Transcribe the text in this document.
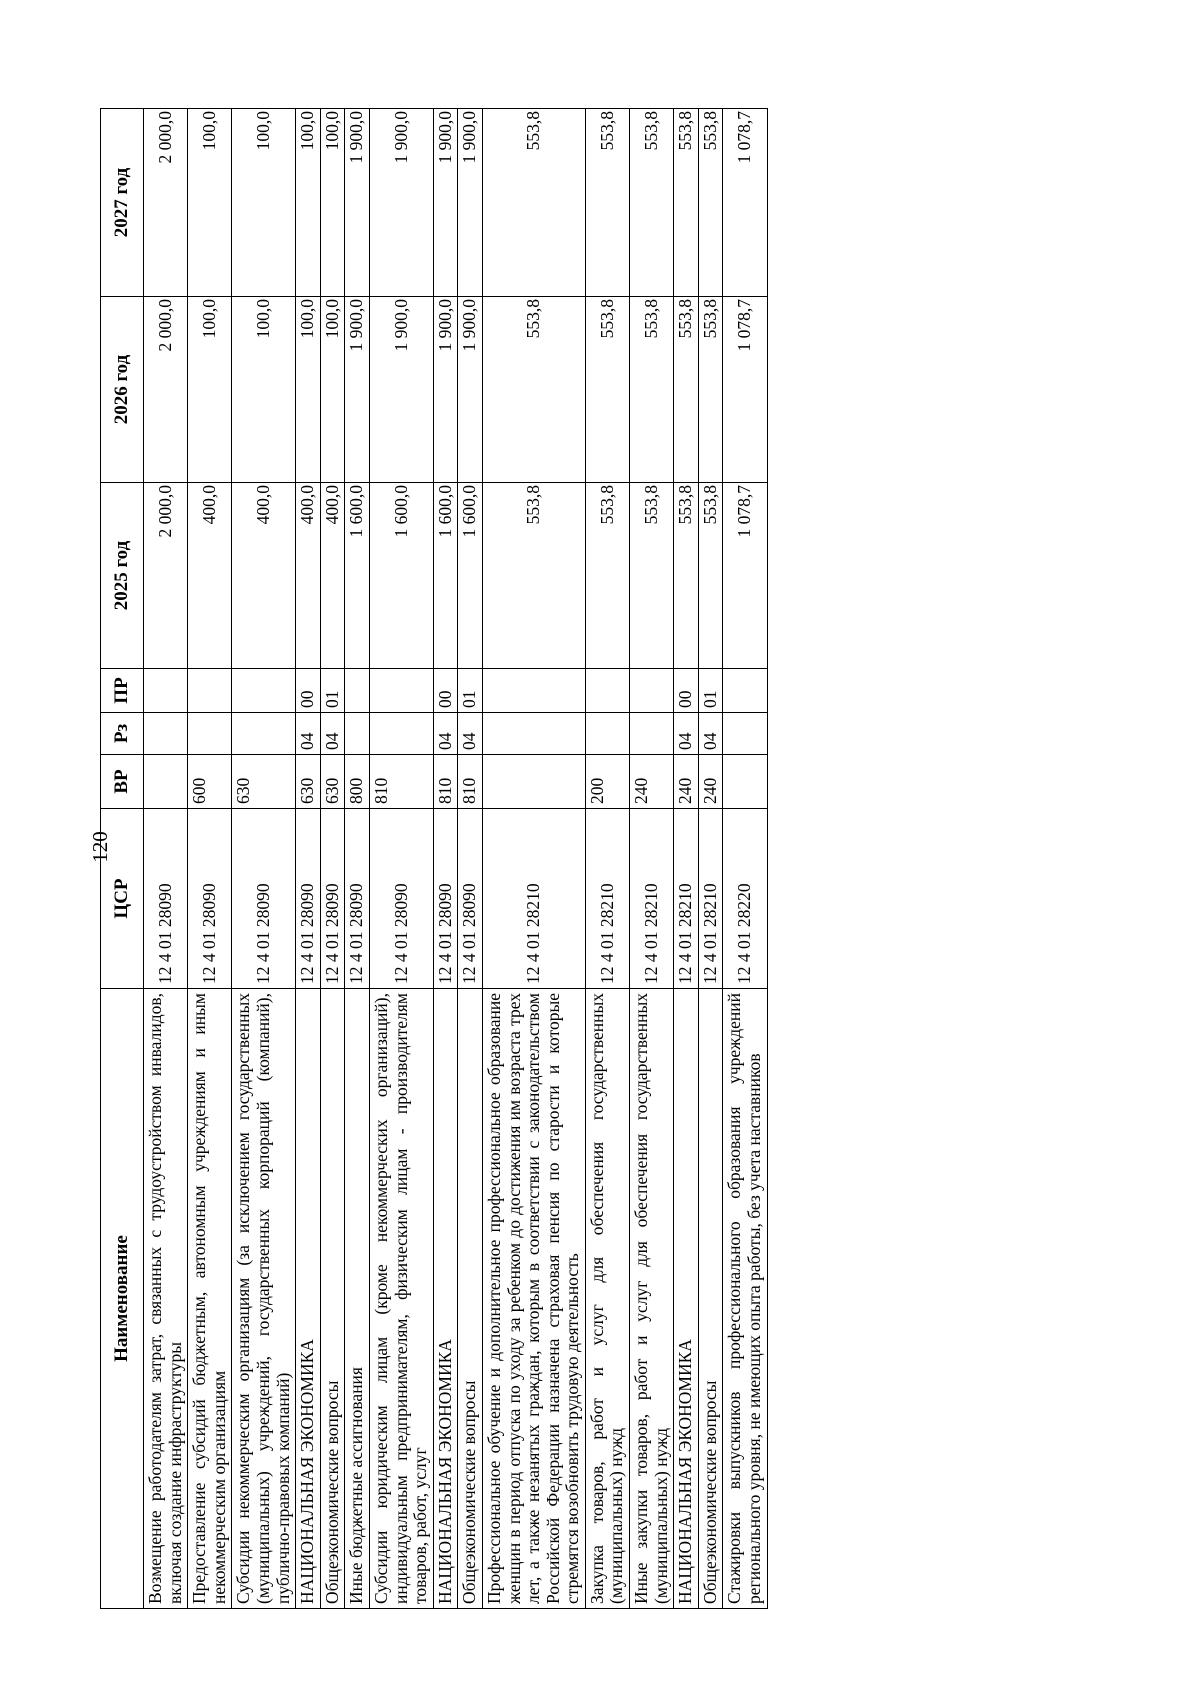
120
Наименование	ЦСР	ВР	Рз	ПР	2025 год	2026 год	2027 год
Возмещение работодателям затрат, связанных с трудоустройством инвалидов, включая создание инфраструктуры	12 4 01 28090				2 000,0	2 000,0	2 000,0
Предоставление субсидий бюджетным, автономным учреждениям и иным некоммерческим организациям	12 4 01 28090	600			400,0	100,0	100,0
Субсидии некоммерческим организациям (за исключением государственных (муниципальных) учреждений, государственных корпораций (компаний), публично-правовых компаний)	12 4 01 28090	630			400,0	100,0	100,0
НАЦИОНАЛЬНАЯ ЭКОНОМИКА	12 4 01 28090	630	04	00	400,0	100,0	100,0
Общеэкономические вопросы	12 4 01 28090	630	04	01	400,0	100,0	100,0
Иные бюджетные ассигнования	12 4 01 28090	800			1 600,0	1 900,0	1 900,0
Субсидии юридическим лицам (кроме некоммерческих организаций), индивидуальным предпринимателям, физическим лицам - производителям товаров, работ, услуг	12 4 01 28090	810			1 600,0	1 900,0	1 900,0
НАЦИОНАЛЬНАЯ ЭКОНОМИКА	12 4 01 28090	810	04	00	1 600,0	1 900,0	1 900,0
Общеэкономические вопросы	12 4 01 28090	810	04	01	1 600,0	1 900,0	1 900,0
Профессиональное обучение и дополнительное профессиональное образование женщин в период отпуска по уходу за ребенком до достижения им возраста трех лет, а также незанятых граждан, которым в соответствии с законодательством Российской Федерации назначена страховая пенсия по старости и которые стремятся возобновить трудовую деятельность	12 4 01 28210				553,8	553,8	553,8
Закупка товаров, работ и услуг для обеспечения государственных (муниципальных) нужд	12 4 01 28210	200			553,8	553,8	553,8
Иные закупки товаров, работ и услуг для обеспечения государственных (муниципальных) нужд	12 4 01 28210	240			553,8	553,8	553,8
НАЦИОНАЛЬНАЯ ЭКОНОМИКА	12 4 01 28210	240	04	00	553,8	553,8	553,8
Общеэкономические вопросы	12 4 01 28210	240	04	01	553,8	553,8	553,8
Стажировки выпускников профессионального образования учреждений регионального уровня, не имеющих опыта работы, без учета наставников	12 4 01 28220				1 078,7	1 078,7	1 078,7
